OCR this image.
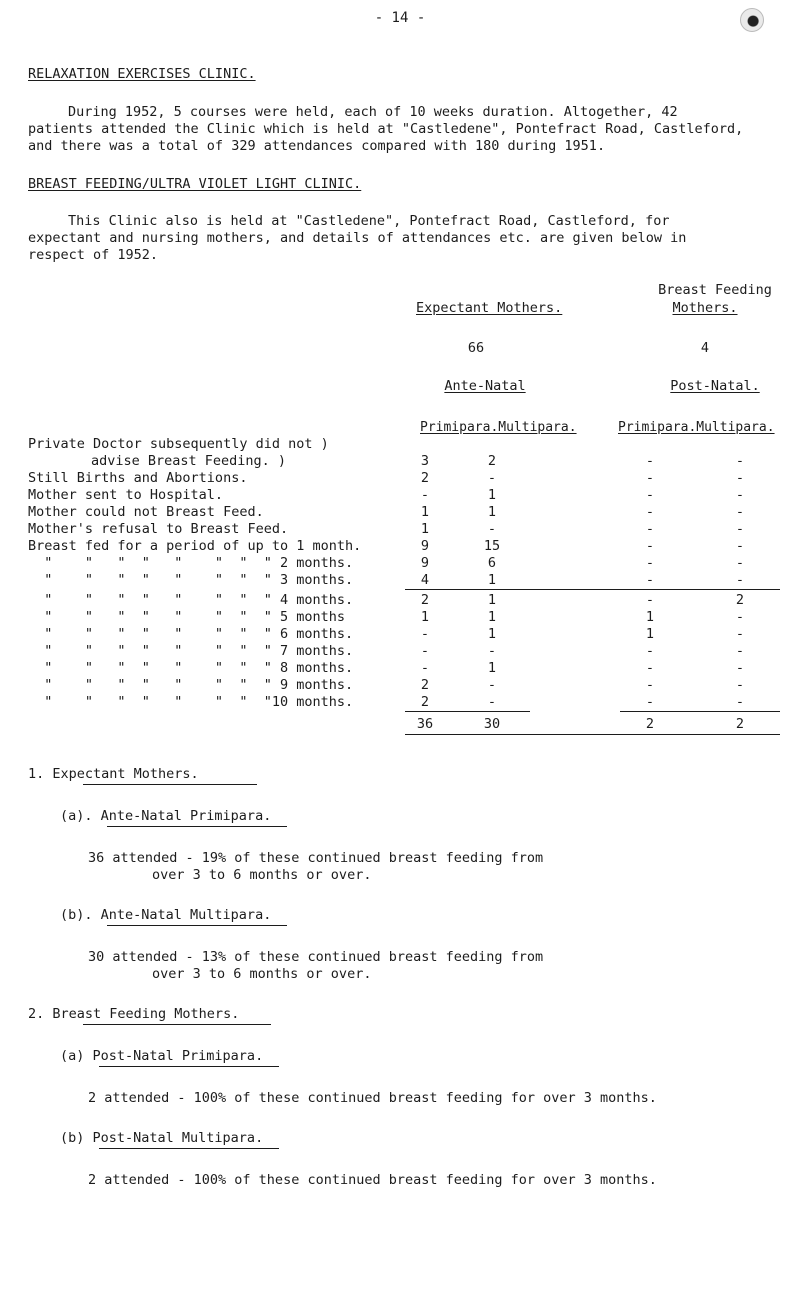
- 14 -
RELAXATION EXERCISES CLINIC.
During 1952, 5 courses were held, each of 10 weeks duration. Altogether, 42
patients attended the Clinic which is held at "Castledene", Pontefract Road, Castleford,
and there was a total of 329 attendances compared with 180 during 1951.
BREAST FEEDING/ULTRA VIOLET LIGHT CLINIC.
This Clinic also is held at "Castledene", Pontefract Road, Castleford, for
expectant and nursing mothers, and details of attendances etc. are given below in
respect of 1952.
Breast Feeding
Expectant Mothers.	Mothers.
66	4
Ante-Natal	Post-Natal.
Primipara.Multipara.	Primipara.Multipara.
Private Doctor subsequently did not )
advise Breast Feeding. )	3	2	-	-
Still Births and Abortions.	2	-	-	-
Mother sent to Hospital.	-	1	-	-
Mother could not Breast Feed.	1	1	-	-
Mother's refusal to Breast Feed.	1	-	-	-
Breast fed for a period of up to 1 month.	9	15	-	-
"    "   "  "   "    "  "  " 2 months.	9	6	-	-
"    "   "  "   "    "  "  " 3 months.	4	1	-	-
"    "   "  "   "    "  "  " 4 months.	2	1	-	2
"    "   "  "   "    "  "  " 5 months	1	1	1	-
"    "   "  "   "    "  "  " 6 months.	-	1	1	-
"    "   "  "   "    "  "  " 7 months.	-	-	-	-
"    "   "  "   "    "  "  " 8 months.	-	1	-	-
"    "   "  "   "    "  "  " 9 months.	2	-	-	-
"    "   "  "   "    "  "  "10 months.	2	-	-	-
36	30	2	2
1. Expectant Mothers.
(a). Ante-Natal Primipara.
36 attended - 19% of these continued breast feeding from
over 3 to 6 months or over.
(b). Ante-Natal Multipara.
30 attended - 13% of these continued breast feeding from
over 3 to 6 months or over.
2. Breast Feeding Mothers.
(a) Post-Natal Primipara.
2 attended - 100% of these continued breast feeding for over 3 months.
(b) Post-Natal Multipara.
2 attended - 100% of these continued breast feeding for over 3 months.
